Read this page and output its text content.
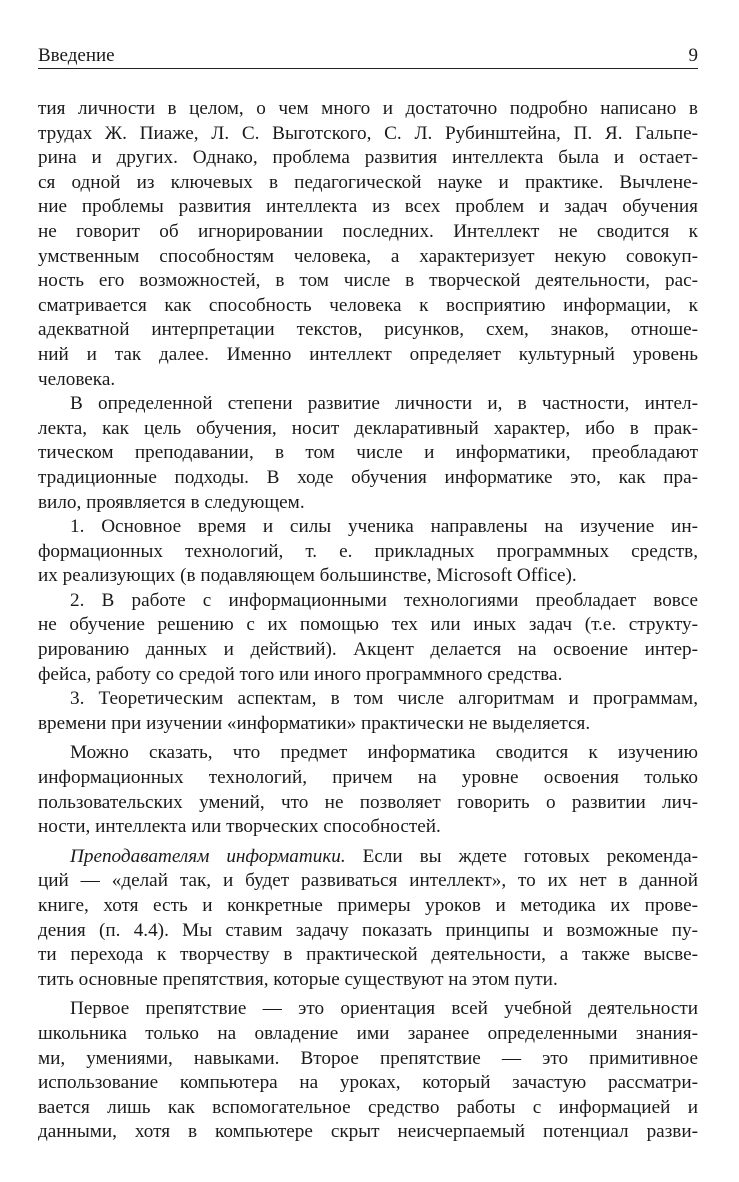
Введение	9
тия личности в целом, о чем много и достаточно подробно написано в
трудах Ж. Пиаже, Л. С. Выготского, С. Л. Рубинштейна, П. Я. Гальпе-
рина и других. Однако, проблема развития интеллекта была и остает-
ся одной из ключевых в педагогической науке и практике. Вычлене-
ние проблемы развития интеллекта из всех проблем и задач обучения
не говорит об игнорировании последних. Интеллект не сводится к
умственным способностям человека, а характеризует некую совокуп-
ность его возможностей, в том числе в творческой деятельности, рас-
сматривается как способность человека к восприятию информации, к
адекватной интерпретации текстов, рисунков, схем, знаков, отноше-
ний и так далее. Именно интеллект определяет культурный уровень
человека.
В определенной степени развитие личности и, в частности, интел-
лекта, как цель обучения, носит декларативный характер, ибо в прак-
тическом преподавании, в том числе и информатики, преобладают
традиционные подходы. В ходе обучения информатике это, как пра-
вило, проявляется в следующем.
1. Основное время и силы ученика направлены на изучение ин-
формационных технологий, т. е. прикладных программных средств,
их реализующих (в подавляющем большинстве, Microsoft Office).
2. В работе с информационными технологиями преобладает вовсе
не обучение решению с их помощью тех или иных задач (т.е. структу-
рированию данных и действий). Акцент делается на освоение интер-
фейса, работу со средой того или иного программного средства.
3. Теоретическим аспектам, в том числе алгоритмам и программам,
времени при изучении «информатики» практически не выделяется.
Можно сказать, что предмет информатика сводится к изучению
информационных технологий, причем на уровне освоения только
пользовательских умений, что не позволяет говорить о развитии лич-
ности, интеллекта или творческих способностей.
Преподавателям информатики. Если вы ждете готовых рекоменда-
ций — «делай так, и будет развиваться интеллект», то их нет в данной
книге, хотя есть и конкретные примеры уроков и методика их прове-
дения (п. 4.4). Мы ставим задачу показать принципы и возможные пу-
ти перехода к творчеству в практической деятельности, а также высве-
тить основные препятствия, которые существуют на этом пути.
Первое препятствие — это ориентация всей учебной деятельности
школьника только на овладение ими заранее определенными знания-
ми, умениями, навыками. Второе препятствие — это примитивное
использование компьютера на уроках, который зачастую рассматри-
вается лишь как вспомогательное средство работы с информацией и
данными, хотя в компьютере скрыт неисчерпаемый потенциал разви-
